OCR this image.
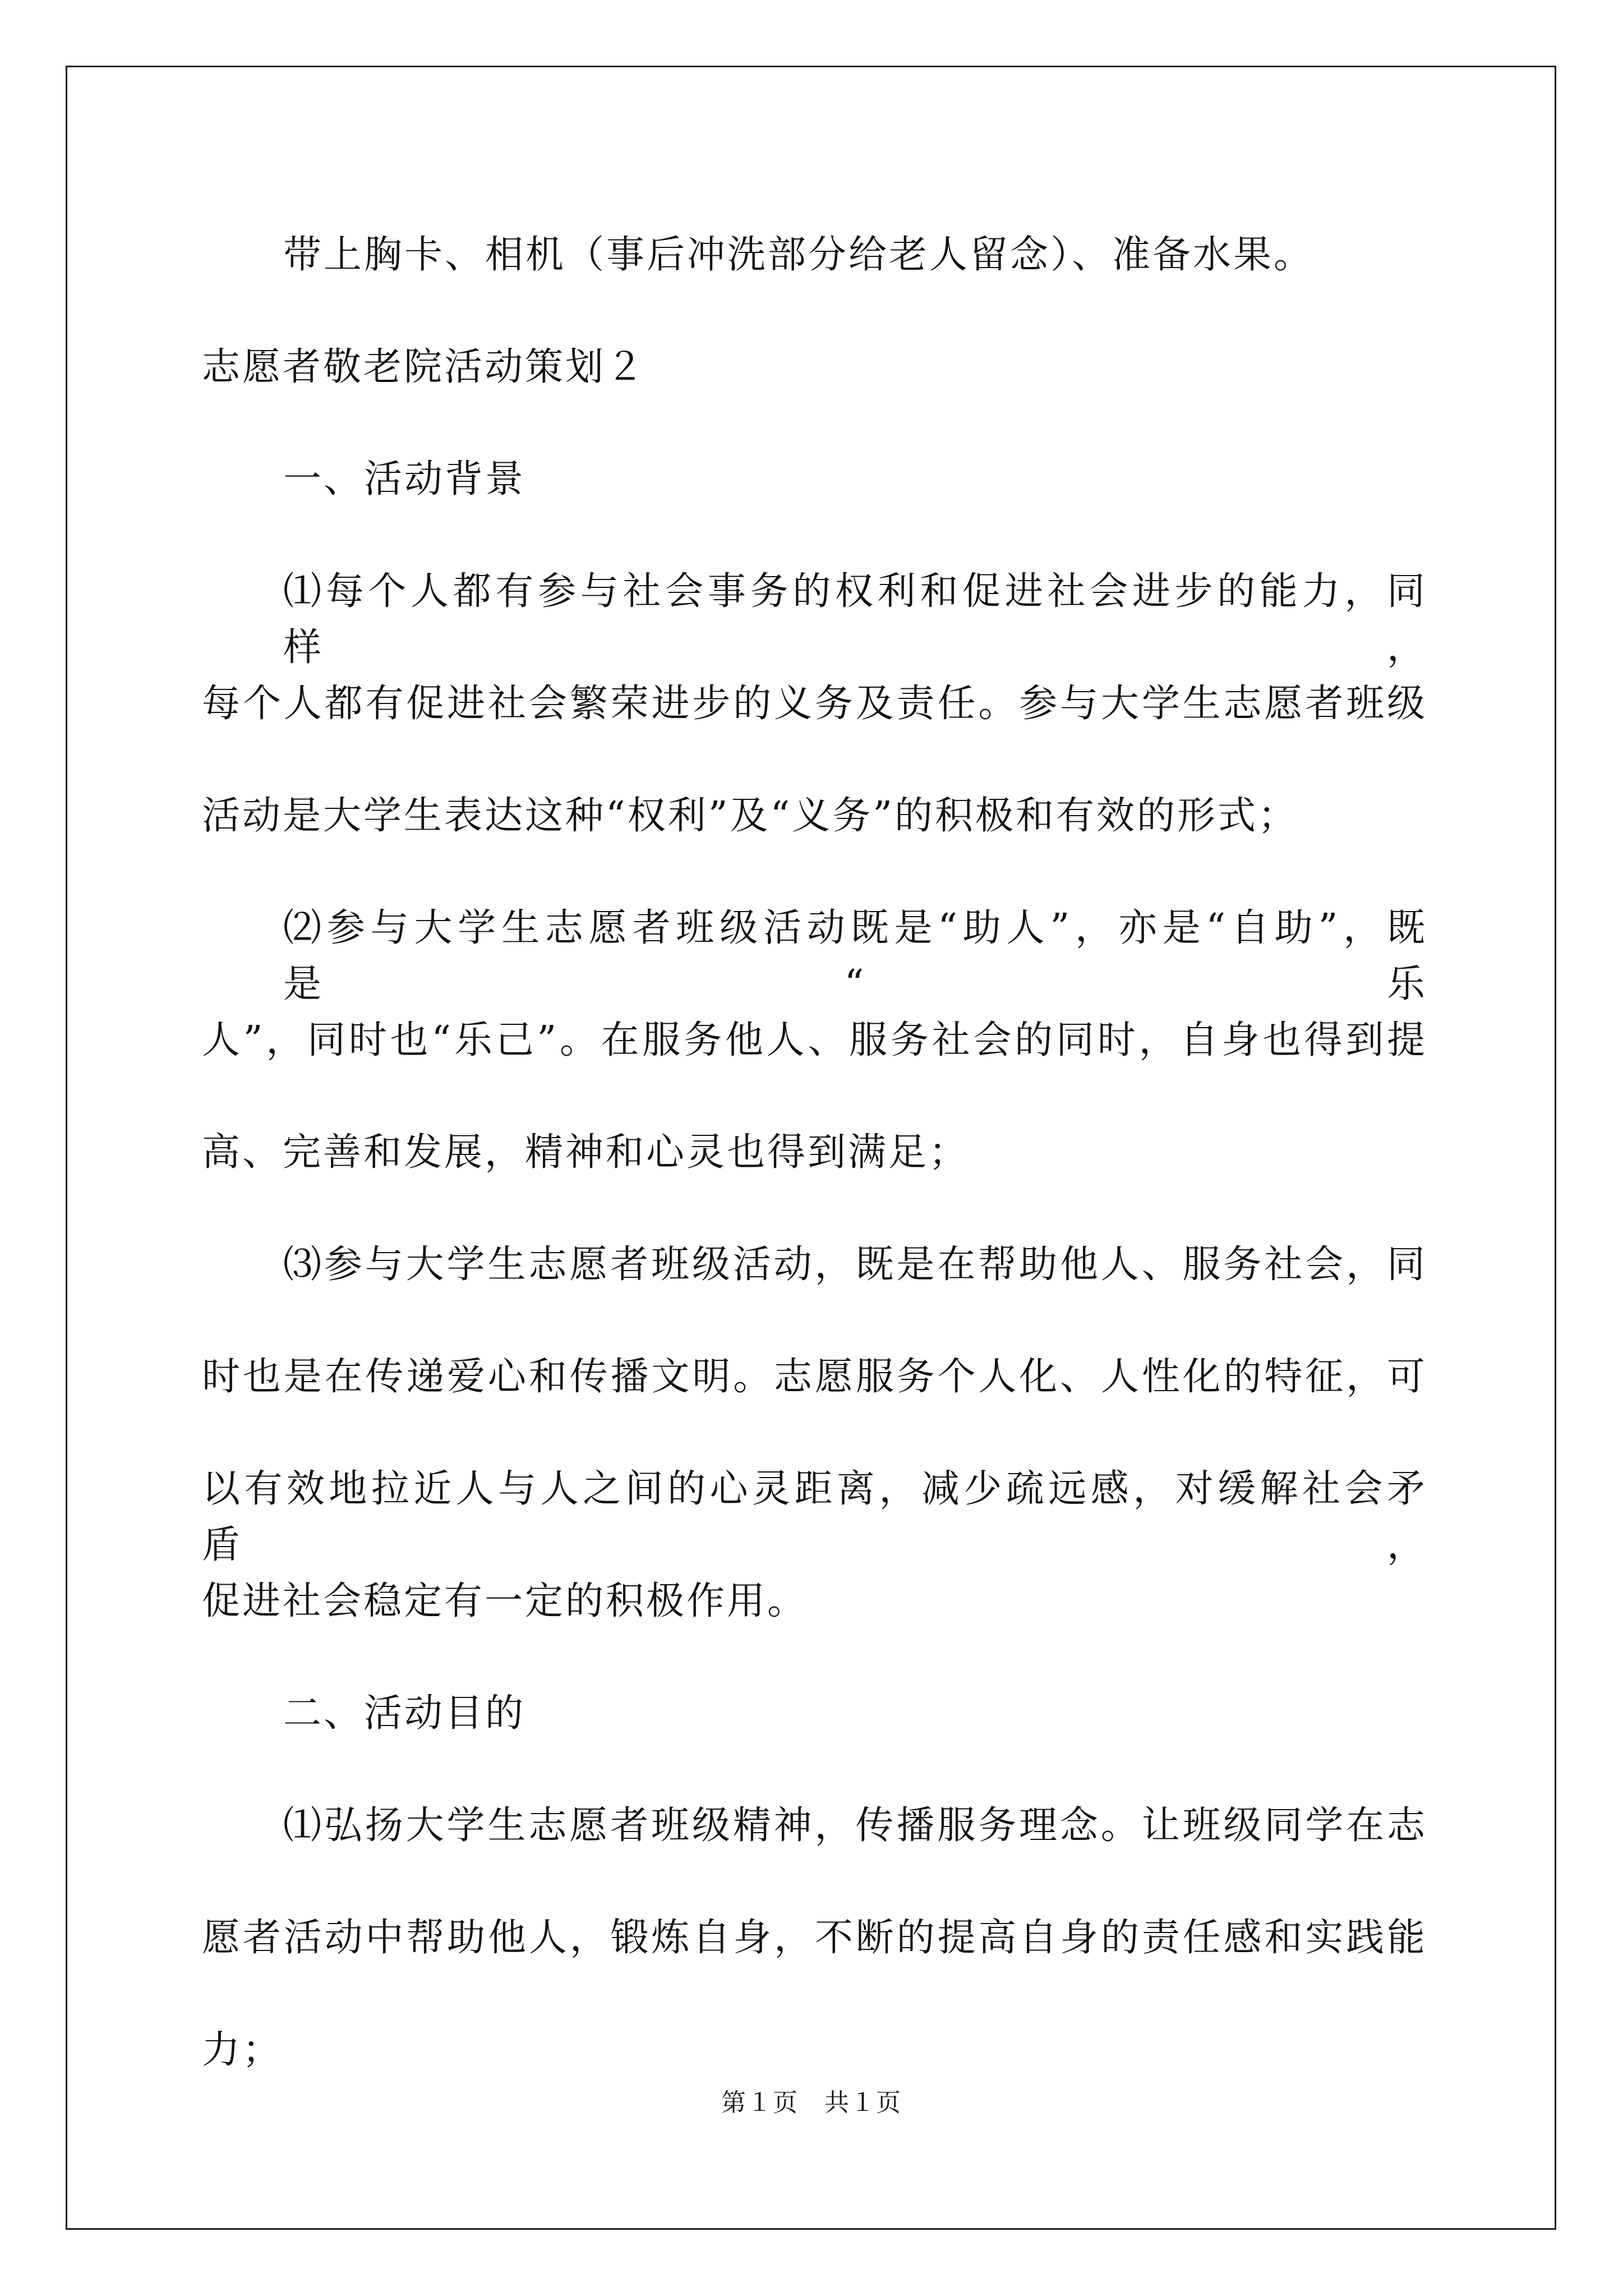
带上胸卡、相机（事后冲洗部分给老人留念）、准备水果。
志愿者敬老院活动策划２
一、活动背景
⑴每个人都有参与社会事务的权利和促进社会进步的能力，同样，
每个人都有促进社会繁荣进步的义务及责任。参与大学生志愿者班级
活动是大学生表达这种“权利”及“义务”的积极和有效的形式；
⑵参与大学生志愿者班级活动既是“助人”，亦是“自助”，既是“乐
人”，同时也“乐己”。在服务他人、服务社会的同时，自身也得到提
高、完善和发展，精神和心灵也得到满足；
⑶参与大学生志愿者班级活动，既是在帮助他人、服务社会，同
时也是在传递爱心和传播文明。志愿服务个人化、人性化的特征，可
以有效地拉近人与人之间的心灵距离，减少疏远感，对缓解社会矛盾，
促进社会稳定有一定的积极作用。
二、活动目的
⑴弘扬大学生志愿者班级精神，传播服务理念。让班级同学在志
愿者活动中帮助他人，锻炼自身，不断的提高自身的责任感和实践能
力；
第１页　共１页
